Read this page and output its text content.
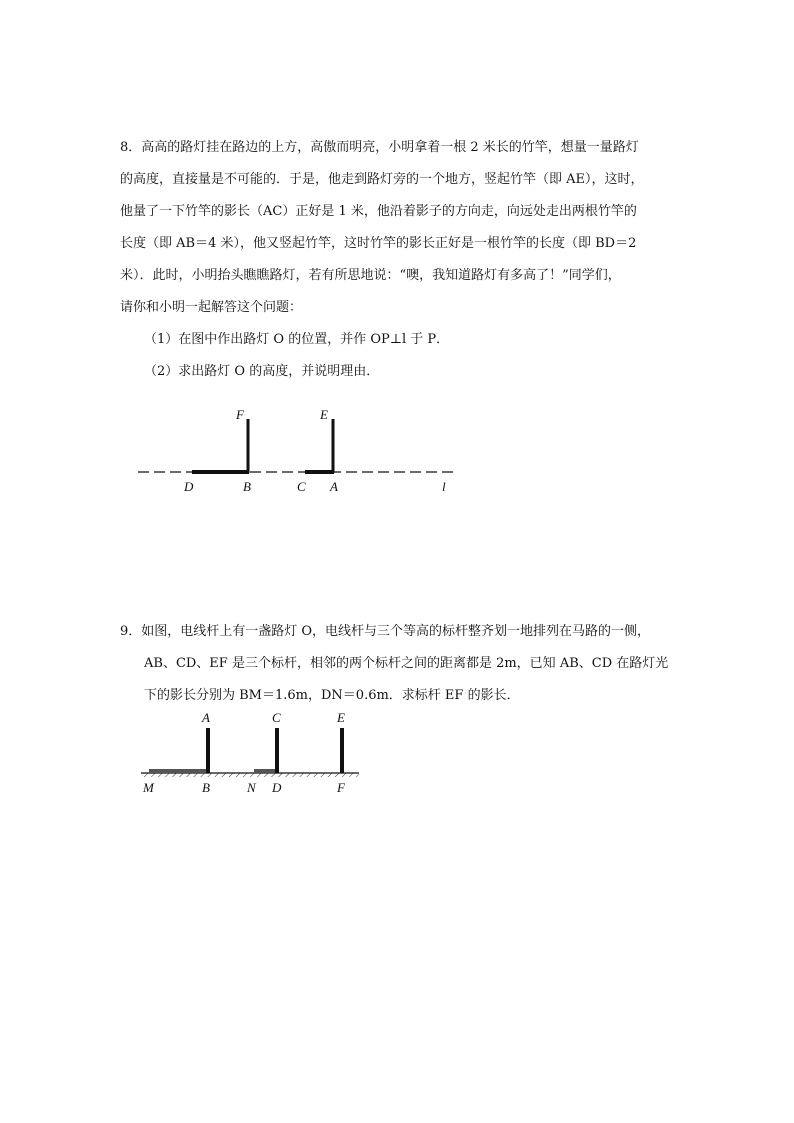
8．高高的路灯挂在路边的上方，高傲而明亮，小明拿着一根 2 米长的竹竿，想量一量路灯
的高度，直接量是不可能的．于是，他走到路灯旁的一个地方，竖起竹竿（即 AE），这时，
他量了一下竹竿的影长（AC）正好是 1 米，他沿着影子的方向走，向远处走出两根竹竿的
长度（即 AB＝4 米），他又竖起竹竿，这时竹竿的影长正好是一根竹竿的长度（即 BD＝2
米）．此时，小明抬头瞧瞧路灯，若有所思地说：“噢，我知道路灯有多高了！”同学们，
请你和小明一起解答这个问题：
（1）在图中作出路灯 O 的位置，并作 OP⊥l 于 P．
（2）求出路灯 O 的高度，并说明理由．
F	E
D	B	C A	l
9．如图，电线杆上有一盏路灯 O，电线杆与三个等高的标杆整齐划一地排列在马路的一侧，
AB、CD、EF 是三个标杆，相邻的两个标杆之间的距离都是 2m，已知 AB、CD 在路灯光
下的影长分别为 BM＝1.6m，DN＝0.6m．求标杆 EF 的影长．
A	C	E
M	B	N D	F
